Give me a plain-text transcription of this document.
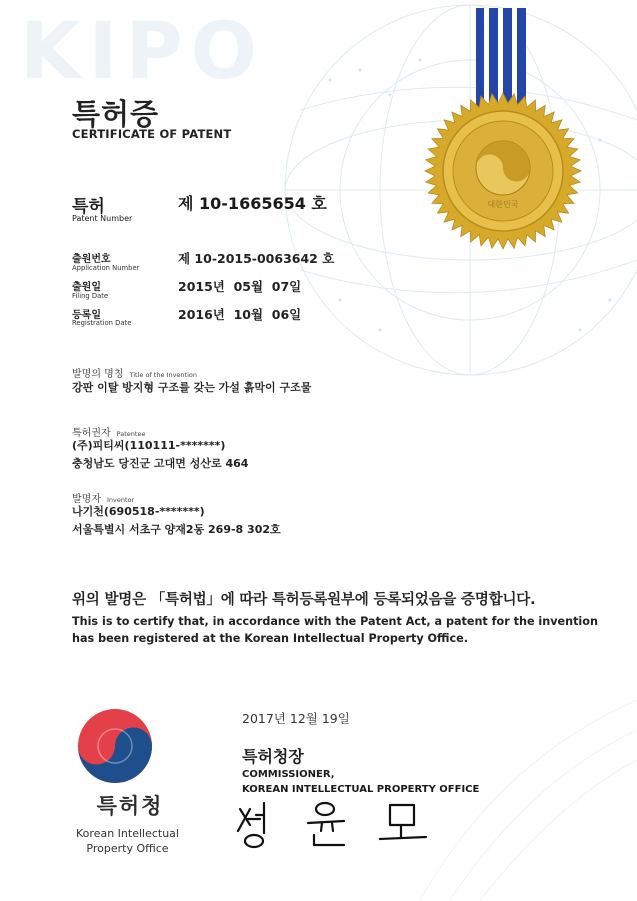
KIPO
대한민국
특허증
CERTIFICATE OF PATENT
특허
Patent Number
제 10-1665654 호
출원번호
Application Number
제 10-2015-0063642 호
출원일
Filing Date
2015년  05월  07일
등록일
Registration Date
2016년  10월  06일
발명의 명칭 Title of the Invention
강판 이탈 방지형 구조를 갖는 가설 흙막이 구조물
특허권자 Patentee
(주)피티씨(110111-*******)
충청남도 당진군 고대면 성산로 464
발명자 Inventor
나기천(690518-*******)
서울특별시 서초구 양재2동 269-8 302호
위의 발명은 「특허법」에 따라 특허등록원부에 등록되었음을 증명합니다.
This is to certify that, in accordance with the Patent Act, a patent for the invention
has been registered at the Korean Intellectual Property Office.
2017년 12월 19일
특허청장
COMMISSIONER,
KOREAN INTELLECTUAL PROPERTY OFFICE
특허청
Korean Intellectual
Property Office
